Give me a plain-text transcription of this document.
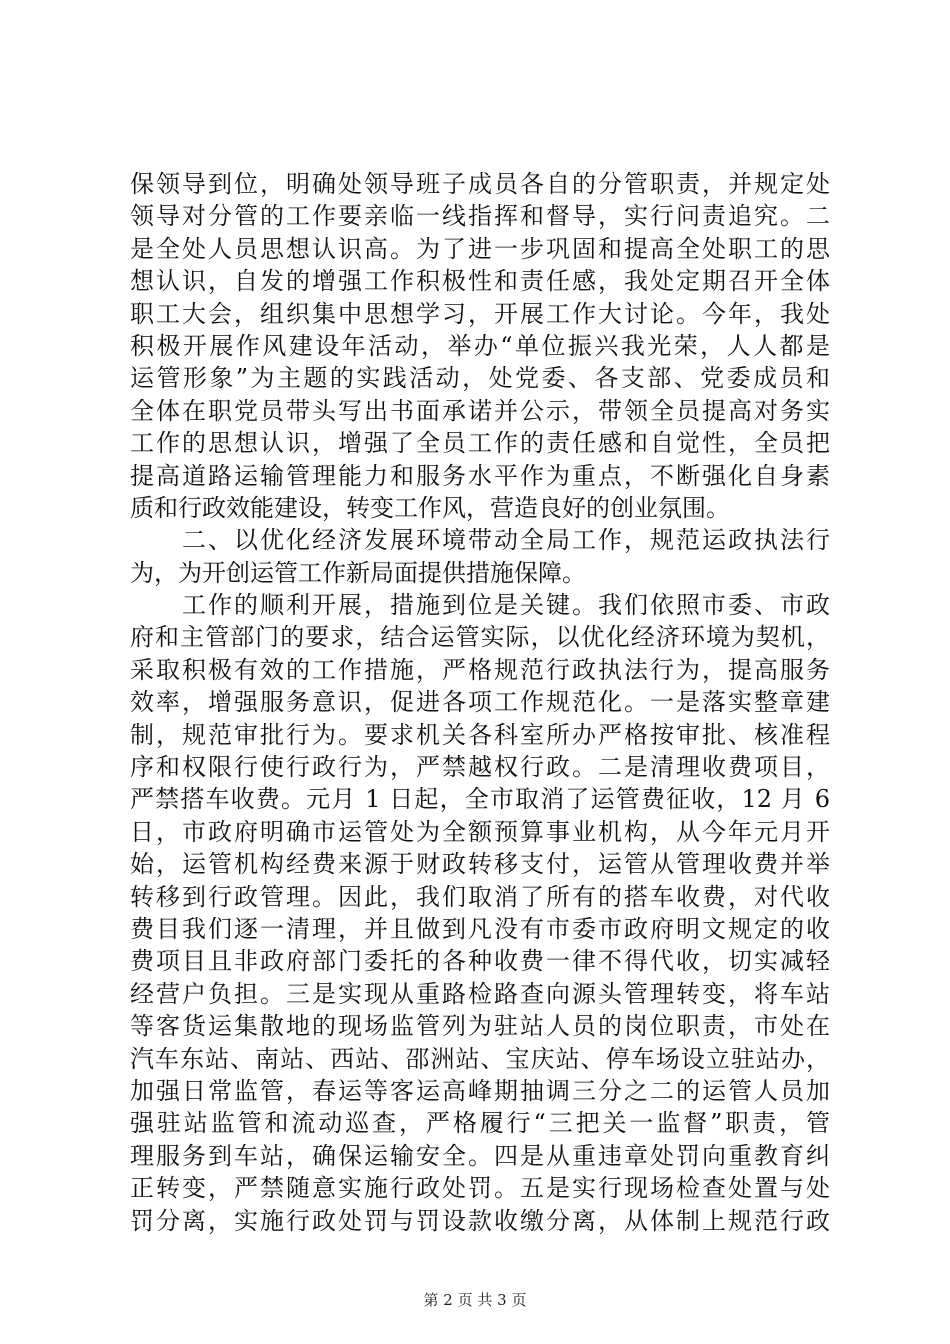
保领导到位，明确处领导班子成员各自的分管职责，并规定处
领导对分管的工作要亲临一线指挥和督导，实行问责追究。二
是全处人员思想认识高。为了进一步巩固和提高全处职工的思
想认识，自发的增强工作积极性和责任感，我处定期召开全体
职工大会，组织集中思想学习，开展工作大讨论。今年，我处
积极开展作风建设年活动，举办“单位振兴我光荣，人人都是
运管形象”为主题的实践活动，处党委、各支部、党委成员和
全体在职党员带头写出书面承诺并公示，带领全员提高对务实
工作的思想认识，增强了全员工作的责任感和自觉性，全员把
提高道路运输管理能力和服务水平作为重点，不断强化自身素
质和行政效能建设，转变工作风，营造良好的创业氛围。
　　二、以优化经济发展环境带动全局工作，规范运政执法行
为，为开创运管工作新局面提供措施保障。
　　工作的顺利开展，措施到位是关键。我们依照市委、市政
府和主管部门的要求，结合运管实际，以优化经济环境为契机，
采取积极有效的工作措施，严格规范行政执法行为，提高服务
效率，增强服务意识，促进各项工作规范化。一是落实整章建
制，规范审批行为。要求机关各科室所办严格按审批、核准程
序和权限行使行政行为，严禁越权行政。二是清理收费项目，
严禁搭车收费。元月 1 日起，全市取消了运管费征收，12 月 6
日，市政府明确市运管处为全额预算事业机构，从今年元月开
始，运管机构经费来源于财政转移支付，运管从管理收费并举
转移到行政管理。因此，我们取消了所有的搭车收费，对代收
费目我们逐一清理，并且做到凡没有市委市政府明文规定的收
费项目且非政府部门委托的各种收费一律不得代收，切实减轻
经营户负担。三是实现从重路检路查向源头管理转变，将车站
等客货运集散地的现场监管列为驻站人员的岗位职责，市处在
汽车东站、南站、西站、邵洲站、宝庆站、停车场设立驻站办，
加强日常监管，春运等客运高峰期抽调三分之二的运管人员加
强驻站监管和流动巡查，严格履行“三把关一监督”职责，管
理服务到车站，确保运输安全。四是从重违章处罚向重教育纠
正转变，严禁随意实施行政处罚。五是实行现场检查处置与处
罚分离，实施行政处罚与罚设款收缴分离，从体制上规范行政
第 2 页 共 3 页
